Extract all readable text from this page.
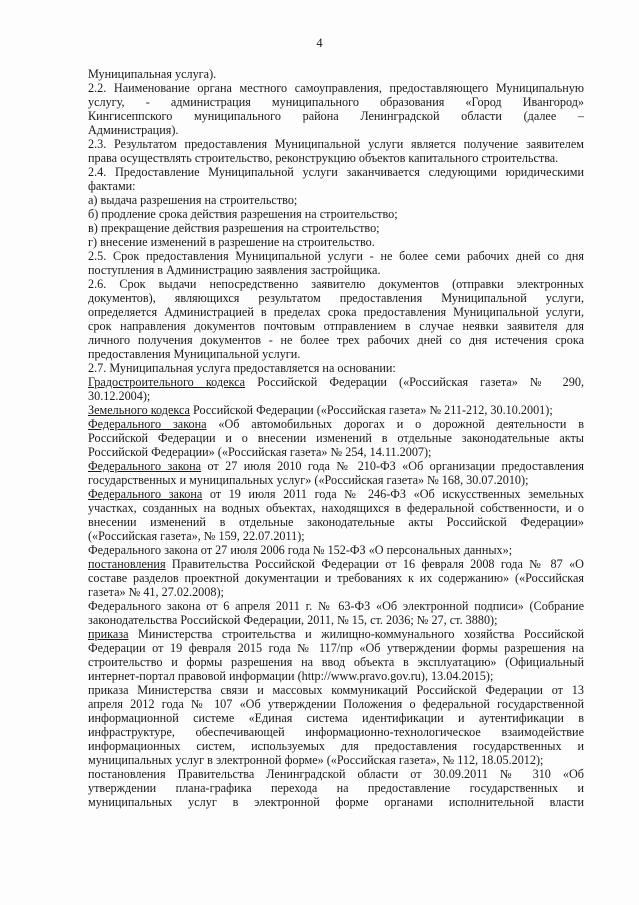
4
Муниципальная услуга).
2.2. Наименование органа местного самоуправления, предоставляющего Муниципальную
услугу, - администрация муниципального образования «Город Ивангород»
Кингисеппского муниципального района Ленинградской области (далее –
Администрация).
2.3. Результатом предоставления Муниципальной услуги является получение заявителем
права осуществлять строительство, реконструкцию объектов капитального строительства.
2.4. Предоставление Муниципальной услуги заканчивается следующими юридическими
фактами:
а) выдача разрешения на строительство;
б) продление срока действия разрешения на строительство;
в) прекращение действия разрешения на строительство;
г) внесение изменений в разрешение на строительство.
2.5. Срок предоставления Муниципальной услуги - не более семи рабочих дней со дня
поступления в Администрацию заявления застройщика.
2.6. Срок выдачи непосредственно заявителю документов (отправки электронных
документов), являющихся результатом предоставления Муниципальной услуги,
определяется Администрацией в пределах срока предоставления Муниципальной услуги,
срок направления документов почтовым отправлением в случае неявки заявителя для
личного получения документов - не более трех рабочих дней со дня истечения срока
предоставления Муниципальной услуги.
2.7. Муниципальная услуга предоставляется на основании:
Градостроительного кодекса Российской Федерации («Российская газета» № 290,
30.12.2004);
Земельного кодекса Российской Федерации («Российская газета» № 211-212, 30.10.2001);
Федерального закона «Об автомобильных дорогах и о дорожной деятельности в
Российской Федерации и о внесении изменений в отдельные законодательные акты
Российской Федерации» («Российская газета» № 254, 14.11.2007);
Федерального закона от 27 июля 2010 года № 210-ФЗ «Об организации предоставления
государственных и муниципальных услуг» («Российская газета» № 168, 30.07.2010);
Федерального закона от 19 июля 2011 года № 246-ФЗ «Об искусственных земельных
участках, созданных на водных объектах, находящихся в федеральной собственности, и о
внесении изменений в отдельные законодательные акты Российской Федерации»
(«Российская газета», № 159, 22.07.2011);
Федерального закона от 27 июля 2006 года № 152-ФЗ «О персональных данных»;
постановления Правительства Российской Федерации от 16 февраля 2008 года № 87 «О
составе разделов проектной документации и требованиях к их содержанию» («Российская
газета» № 41, 27.02.2008);
Федерального закона от 6 апреля 2011 г. № 63-ФЗ «Об электронной подписи» (Собрание
законодательства Российской Федерации, 2011, № 15, ст. 2036; № 27, ст. 3880);
приказа Министерства строительства и жилищно-коммунального хозяйства Российской
Федерации от 19 февраля 2015 года № 117/пр «Об утверждении формы разрешения на
строительство и формы разрешения на ввод объекта в эксплуатацию» (Официальный
интернет-портал правовой информации (http://www.pravo.gov.ru), 13.04.2015);
приказа Министерства связи и массовых коммуникаций Российской Федерации от 13
апреля 2012 года № 107 «Об утверждении Положения о федеральной государственной
информационной системе «Единая система идентификации и аутентификации в
инфраструктуре, обеспечивающей информационно-технологическое взаимодействие
информационных систем, используемых для предоставления государственных и
муниципальных услуг в электронной форме» («Российская газета», № 112, 18.05.2012);
постановления Правительства Ленинградской области от 30.09.2011 № 310 «Об
утверждении плана-графика перехода на предоставление государственных и
муниципальных услуг в электронной форме органами исполнительной власти
